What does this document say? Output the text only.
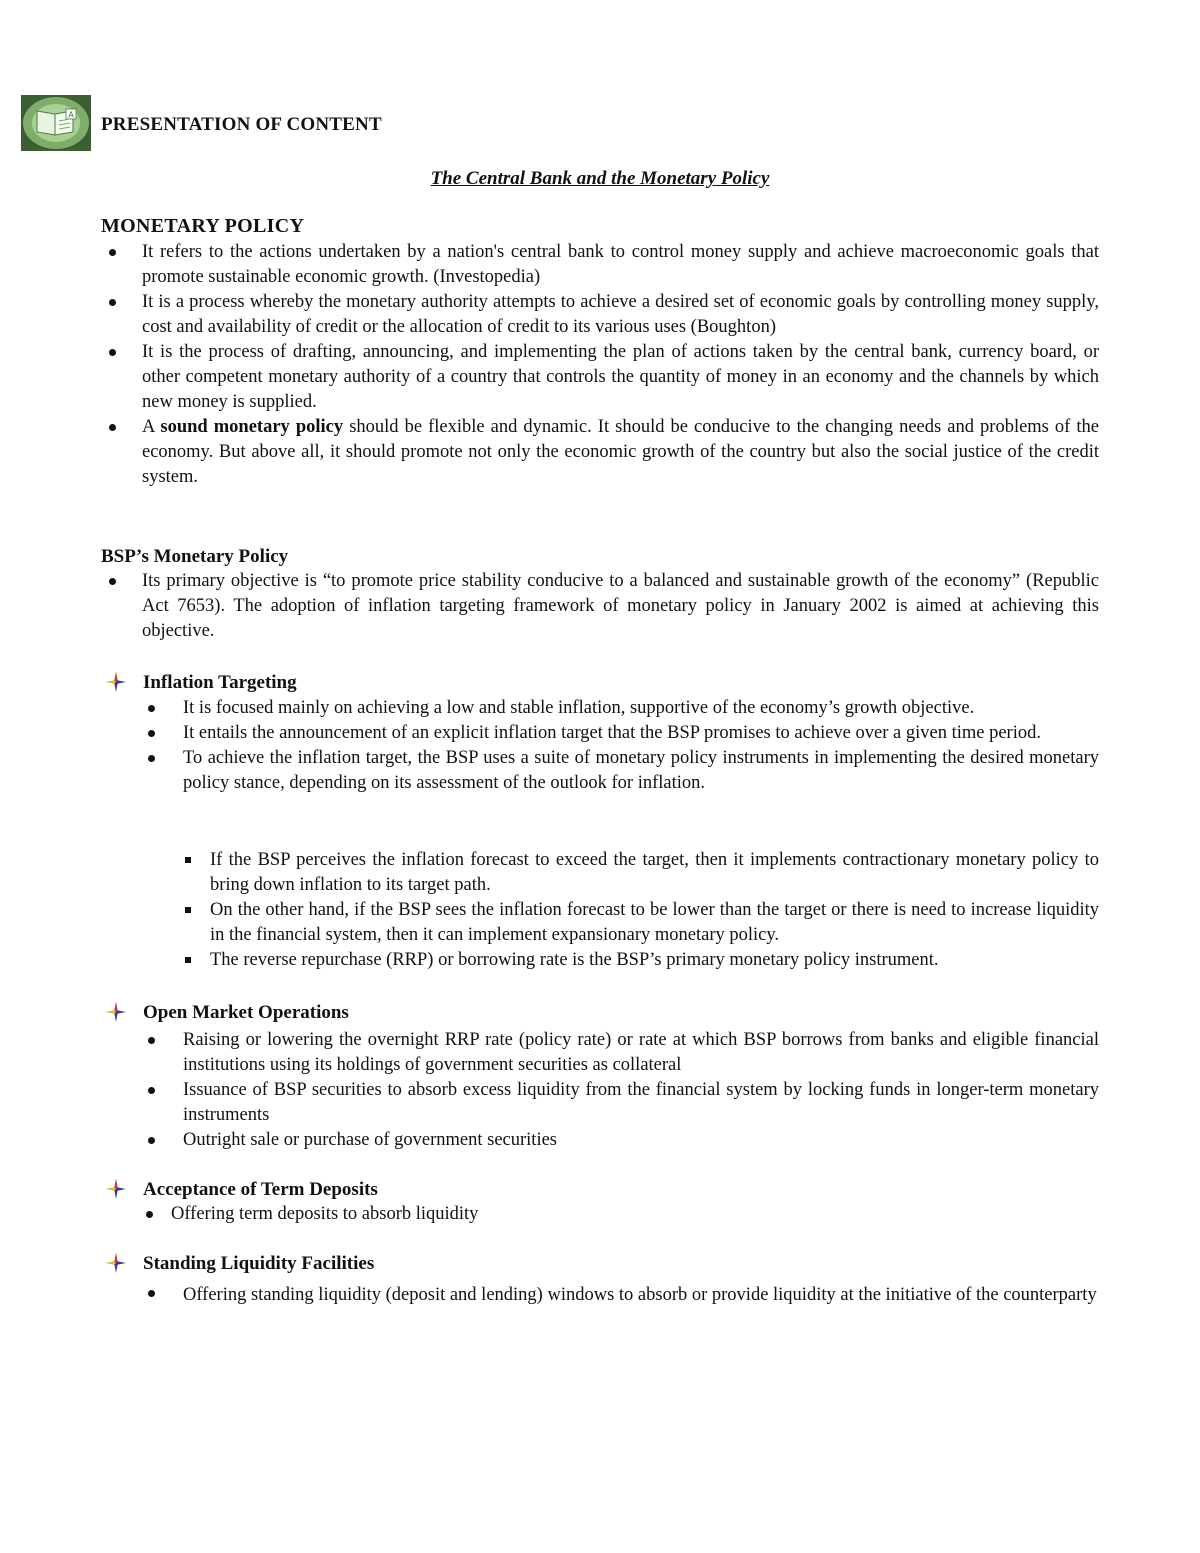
A PRESENTATION OF CONTENT
The Central Bank and the Monetary Policy
MONETARY POLICY
It refers to the actions undertaken by a nation's central bank to control money supply and achieve macroeconomic goals that promote sustainable economic growth. (Investopedia)
It is a process whereby the monetary authority attempts to achieve a desired set of economic goals by controlling money supply, cost and availability of credit or the allocation of credit to its various uses (Boughton)
It is the process of drafting, announcing, and implementing the plan of actions taken by the central bank, currency board, or other competent monetary authority of a country that controls the quantity of money in an economy and the channels by which new money is supplied.
A sound monetary policy should be flexible and dynamic. It should be conducive to the changing needs and problems of the economy. But above all, it should promote not only the economic growth of the country but also the social justice of the credit system.
BSP’s Monetary Policy
Its primary objective is “to promote price stability conducive to a balanced and sustainable growth of the economy” (Republic Act 7653). The adoption of inflation targeting framework of monetary policy in January 2002 is aimed at achieving this objective.
Inflation Targeting
It is focused mainly on achieving a low and stable inflation, supportive of the economy’s growth objective.
It entails the announcement of an explicit inflation target that the BSP promises to achieve over a given time period.
To achieve the inflation target, the BSP uses a suite of monetary policy instruments in implementing the desired monetary policy stance, depending on its assessment of the outlook for inflation.
If the BSP perceives the inflation forecast to exceed the target, then it implements contractionary monetary policy to bring down inflation to its target path.
On the other hand, if the BSP sees the inflation forecast to be lower than the target or there is need to increase liquidity in the financial system, then it can implement expansionary monetary policy.
The reverse repurchase (RRP) or borrowing rate is the BSP’s primary monetary policy instrument.
Open Market Operations
Raising or lowering the overnight RRP rate (policy rate) or rate at which BSP borrows from banks and eligible financial institutions using its holdings of government securities as collateral
Issuance of BSP securities to absorb excess liquidity from the financial system by locking funds in longer-term monetary instruments
Outright sale or purchase of government securities
Acceptance of Term Deposits
Offering term deposits to absorb liquidity
Standing Liquidity Facilities
Offering standing liquidity (deposit and lending) windows to absorb or provide liquidity at the initiative of the counterparty
